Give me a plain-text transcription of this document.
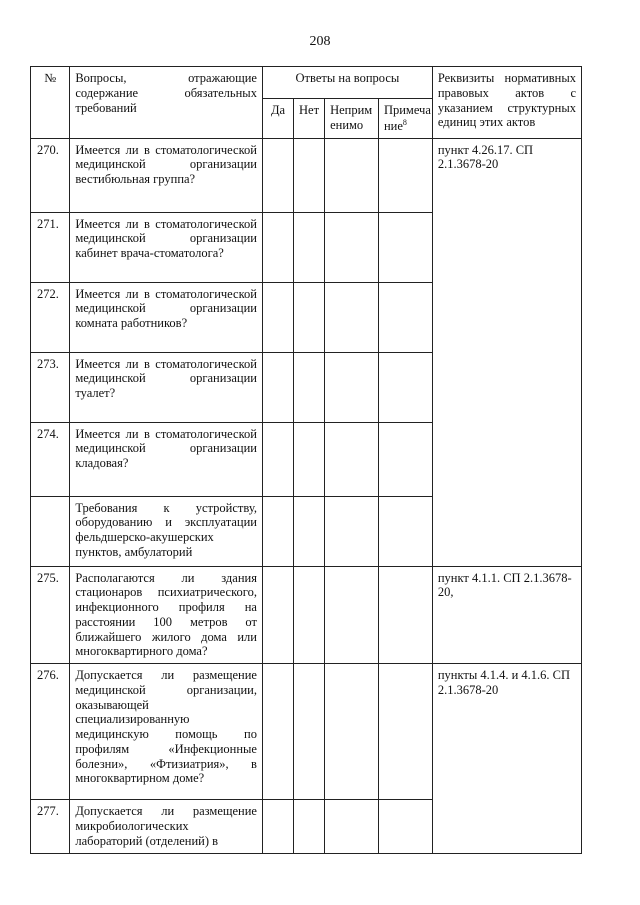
208
№	Вопросы, отражающие содержание обязательных требований	Ответы на вопросы				Реквизиты нормативных правовых актов с указанием структурных единиц этих актов
		Да	Нет	Неприм енимо	Примеча ние$^8$
270.	Имеется ли в стоматологической медицинской организации вестибюльная группа?					пункт 4.26.17. СП 2.1.3678-20
271.	Имеется ли в стоматологической медицинской организации кабинет врача-стоматолога?					
272.	Имеется ли в стоматологической медицинской организации комната работников?					
273.	Имеется ли в стоматологической медицинской организации туалет?					
274.	Имеется ли в стоматологической медицинской организации кладовая?					
	Требования к устройству, оборудованию и эксплуатации фельдшерско-акушерских пунктов, амбулаторий					
275.	Располагаются ли здания стационаров психиатрического, инфекционного профиля на расстоянии 100 метров от ближайшего жилого дома или многоквартирного дома?					пункт 4.1.1. СП 2.1.3678-20,
276.	Допускается ли размещение медицинской организации, оказывающей специализированную медицинскую помощь по профилям «Инфекционные болезни», «Фтизиатрия», в многоквартирном доме?					пункты 4.1.4. и 4.1.6. СП 2.1.3678-20
277.	Допускается ли размещение микробиологических лабораторий (отделений) в					
